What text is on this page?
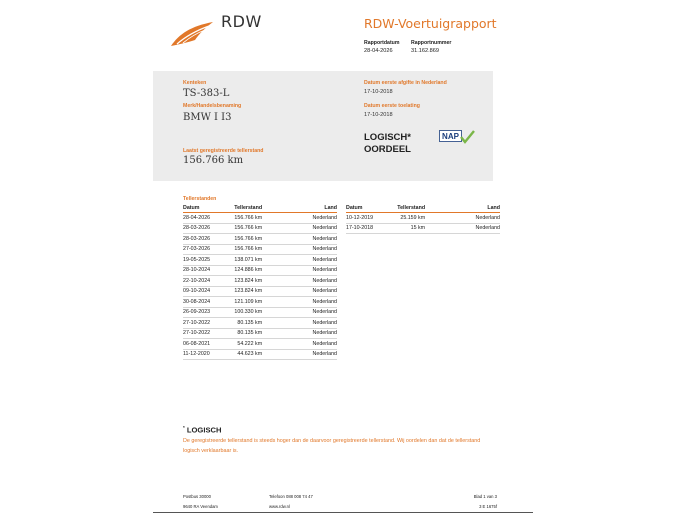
RDW	RDW-Voertuigrapport
Rapportdatum Rapportnummer
28-04-2026	31.162.869
Kenteken
TS-383-L
Merk/Handelsbenaming
BMW I I3
Laatst geregistreerde tellerstand
156.766 km
Datum eerste afgifte in Nederland
17-10-2018
Datum eerste toelating
17-10-2018
LOGISCH*
OORDEEL
NAP
Tellerstanden
Datum	Tellerstand	Land
28-04-2026	156.766 km	Nederland
28-03-2026	156.766 km	Nederland
28-03-2026	156.766 km	Nederland
27-03-2026	156.766 km	Nederland
19-05-2025	138.071 km	Nederland
28-10-2024	124.886 km	Nederland
22-10-2024	123.824 km	Nederland
09-10-2024	123.824 km	Nederland
30-08-2024	121.109 km	Nederland
26-09-2023	100.330 km	Nederland
27-10-2022	80.135 km	Nederland
27-10-2022	80.135 km	Nederland
06-08-2021	54.222 km	Nederland
11-12-2020	44.623 km	Nederland
Datum	Tellerstand	Land
10-12-2019	25.159 km	Nederland
17-10-2018	15 km	Nederland
* LOGISCH
De geregistreerde tellerstand is steeds hoger dan de daarvoor geregistreerde tellerstand. Wij oordelen dan dat de tellerstand logisch verklaarbaar is.
Postbus 30000
9640 RA Veendam
Telefoon 088 008 74 47
www.rdw.nl
Blad 1 van 3
3 E 1675f
